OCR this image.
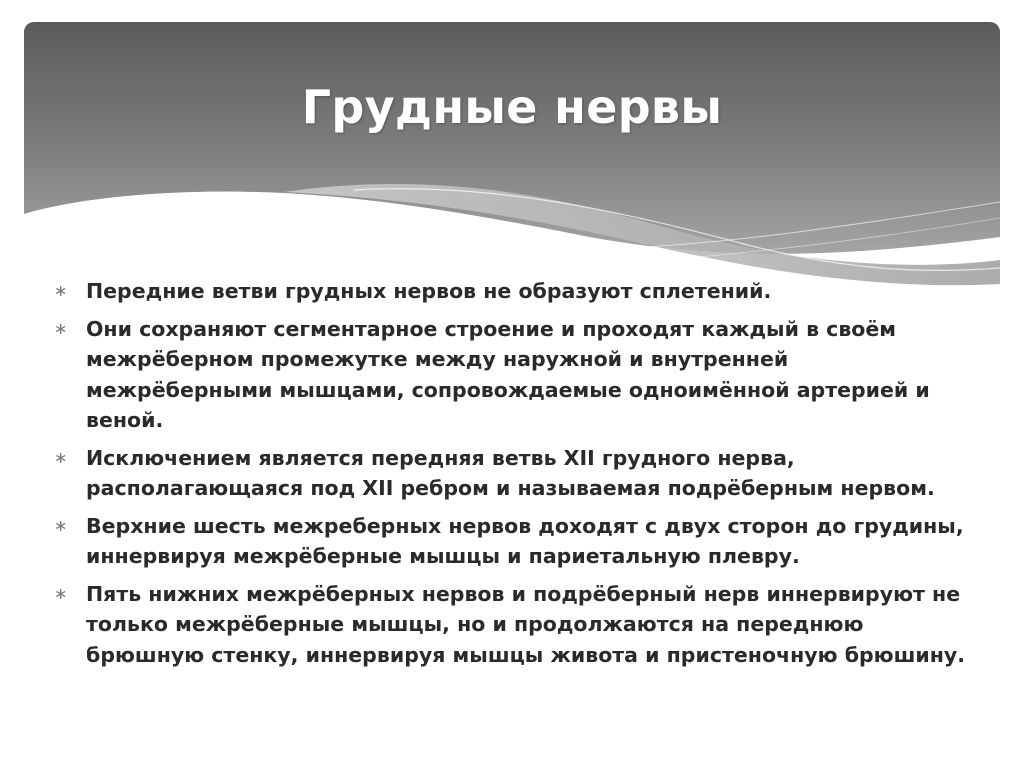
Грудные нервы
∗ Передние ветви грудных нервов не образуют сплетений.
∗ Они сохраняют сегментарное строение и проходят каждый в своём межрёберном промежутке между наружной и внутренней межрёберными мышцами, сопровождаемые одноимённой артерией и веной.
∗ Исключением является передняя ветвь XII грудного нерва, располагающаяся под XII ребром и называемая подрёберным нервом.
∗ Верхние шесть межреберных нервов доходят с двух сторон до грудины, иннервируя межрёберные мышцы и париетальную плевру.
∗ Пять нижних межрёберных нервов и подрёберный нерв иннервируют не только межрёберные мышцы, но и продолжаются на переднюю брюшную стенку, иннервируя мышцы живота и пристеночную брюшину.
